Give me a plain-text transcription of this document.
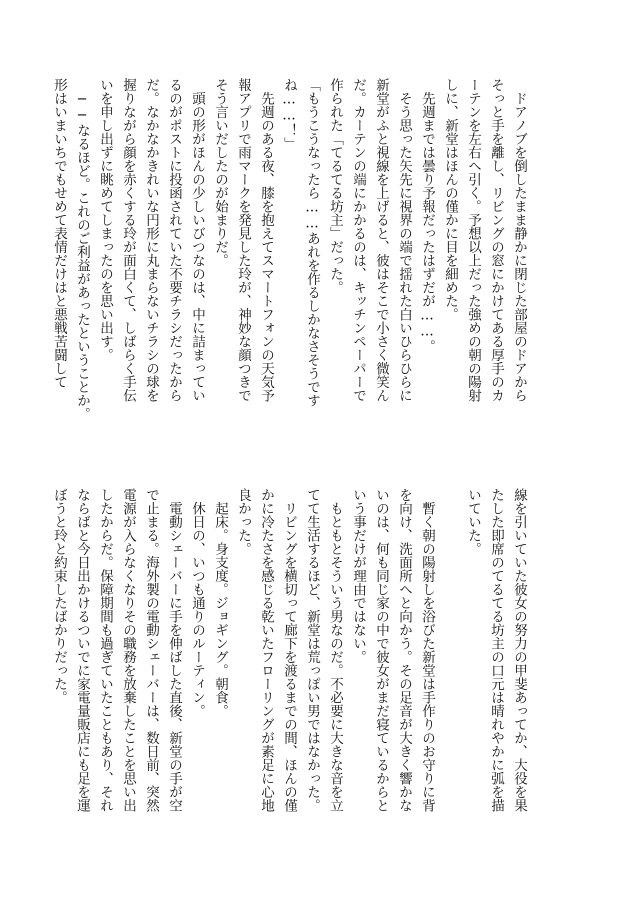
　ドアノブを倒したまま静かに閉じた部屋のドアから
そっと手を離し、リビングの窓にかけてある厚手のカ
ーテンを左右へ引く。予想以上だった強めの朝の陽射
しに、新堂はほんの僅かに目を細めた。
　先週までは曇り予報だったはずだが……。
　そう思った矢先に視界の端で揺れた白いひらひらに
新堂がふと視線を上げると、彼はそこで小さく微笑ん
だ。カーテンの端にかかるのは、キッチンペーパーで
作られた「てるてる坊主」だった。
「もうこうなったら……あれを作るしかなさそうです
ね……！」
　先週のある夜、膝を抱えてスマートフォンの天気予
報アプリで雨マークを発見した玲が、神妙な顔つきで
そう言いだしたのが始まりだ。
　頭の形がほんの少しいびつなのは、中に詰まってい
るのがポストに投函されていた不要チラシだったから
だ。なかなかきれいな円形に丸まらないチラシの球を
握りながら顔を赤くする玲が面白くて、しばらく手伝
いを申し出ずに眺めてしまったのを思い出す。
　──なるほど。これのご利益があったということか。
形はいまいちでもせめて表情だけはと悪戦苦闘して
線を引いていた彼女の努力の甲斐あってか、大役を果
たした即席のてるてる坊主の口元は晴れやかに弧を描
いていた。

　暫く朝の陽射しを浴びた新堂は手作りのお守りに背
を向け、洗面所へと向かう。その足音が大きく響かな
いのは、何も同じ家の中で彼女がまだ寝ているからと
いう事だけが理由ではない。
　もともとそういう男なのだ。不必要に大きな音を立
てて生活するほど、新堂は荒っぽい男ではなかった。
　リビングを横切って廊下を渡るまでの間、ほんの僅
かに冷たさを感じる乾いたフローリングが素足に心地
良かった。
　起床。身支度。ジョギング。朝食。
　休日の、いつも通りのルーティン。
　電動シェーバーに手を伸ばした直後、新堂の手が空
で止まる。海外製の電動シェーバーは、数日前、突然
電源が入らなくなりその職務を放棄したことを思い出
したからだ。保障期間も過ぎていたこともあり、それ
ならばと今日出かけるついでに家電量販店にも足を運
ぼうと玲と約束したばかりだった。
